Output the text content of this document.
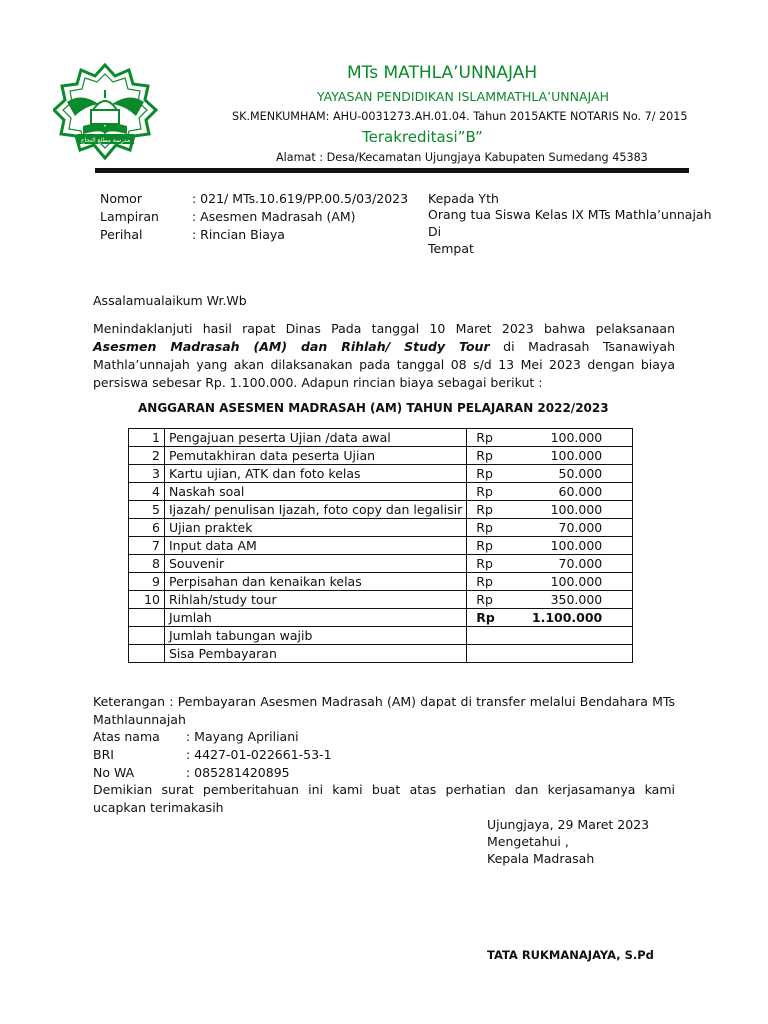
مدرسة مطلع النجاح
MTs MATHLA’UNNAJAH
YAYASAN PENDIDIKAN ISLAMMATHLA’UNNAJAH
SK.MENKUMHAM: AHU-0031273.AH.01.04. Tahun 2015AKTE NOTARIS No. 7/ 2015
Terakreditasi”B”
Alamat : Desa/Kecamatan Ujungjaya Kabupaten Sumedang 45383
Nomor	: 021/ MTs.10.619/PP.00.5/03/2023
Lampiran	: Asesmen Madrasah (AM)
Perihal	: Rincian Biaya
Kepada Yth
Orang tua Siswa Kelas IX MTs Mathla’unnajah
Di
Tempat
Assalamualaikum Wr.Wb
Menindaklanjuti hasil rapat Dinas Pada tanggal 10 Maret 2023 bahwa pelaksanaan Asesmen Madrasah (AM) dan Rihlah/ Study Tour di Madrasah Tsanawiyah Mathla’unnajah yang akan dilaksanakan pada tanggal 08 s/d 13 Mei 2023 dengan biaya persiswa sebesar Rp. 1.100.000. Adapun rincian biaya sebagai berikut :
ANGGARAN ASESMEN MADRASAH (AM) TAHUN PELAJARAN 2022/2023
1	Pengajuan peserta Ujian /data awal	Rp	100.000
2	Pemutakhiran data peserta Ujian	Rp	100.000
3	Kartu ujian, ATK dan foto kelas	Rp	50.000
4	Naskah soal	Rp	60.000
5	Ijazah/ penulisan Ijazah, foto copy dan legalisir	Rp	100.000
6	Ujian praktek	Rp	70.000
7	Input data AM	Rp	100.000
8	Souvenir	Rp	70.000
9	Perpisahan dan kenaikan kelas	Rp	100.000
10	Rihlah/study tour	Rp	350.000
	Jumlah	Rp	1.100.000
	Jumlah tabungan wajib		
	Sisa Pembayaran		
Keterangan : Pembayaran Asesmen Madrasah (AM) dapat di transfer melalui Bendahara MTs Mathlaunnajah
Atas nama : Mayang Apriliani
BRI	: 4427-01-022661-53-1
No WA	: 085281420895
Demikian surat pemberitahuan ini kami buat atas perhatian dan kerjasamanya kami ucapkan terimakasih
Ujungjaya, 29 Maret 2023
Mengetahui ,
Kepala Madrasah
TATA RUKMANAJAYA, S.Pd
